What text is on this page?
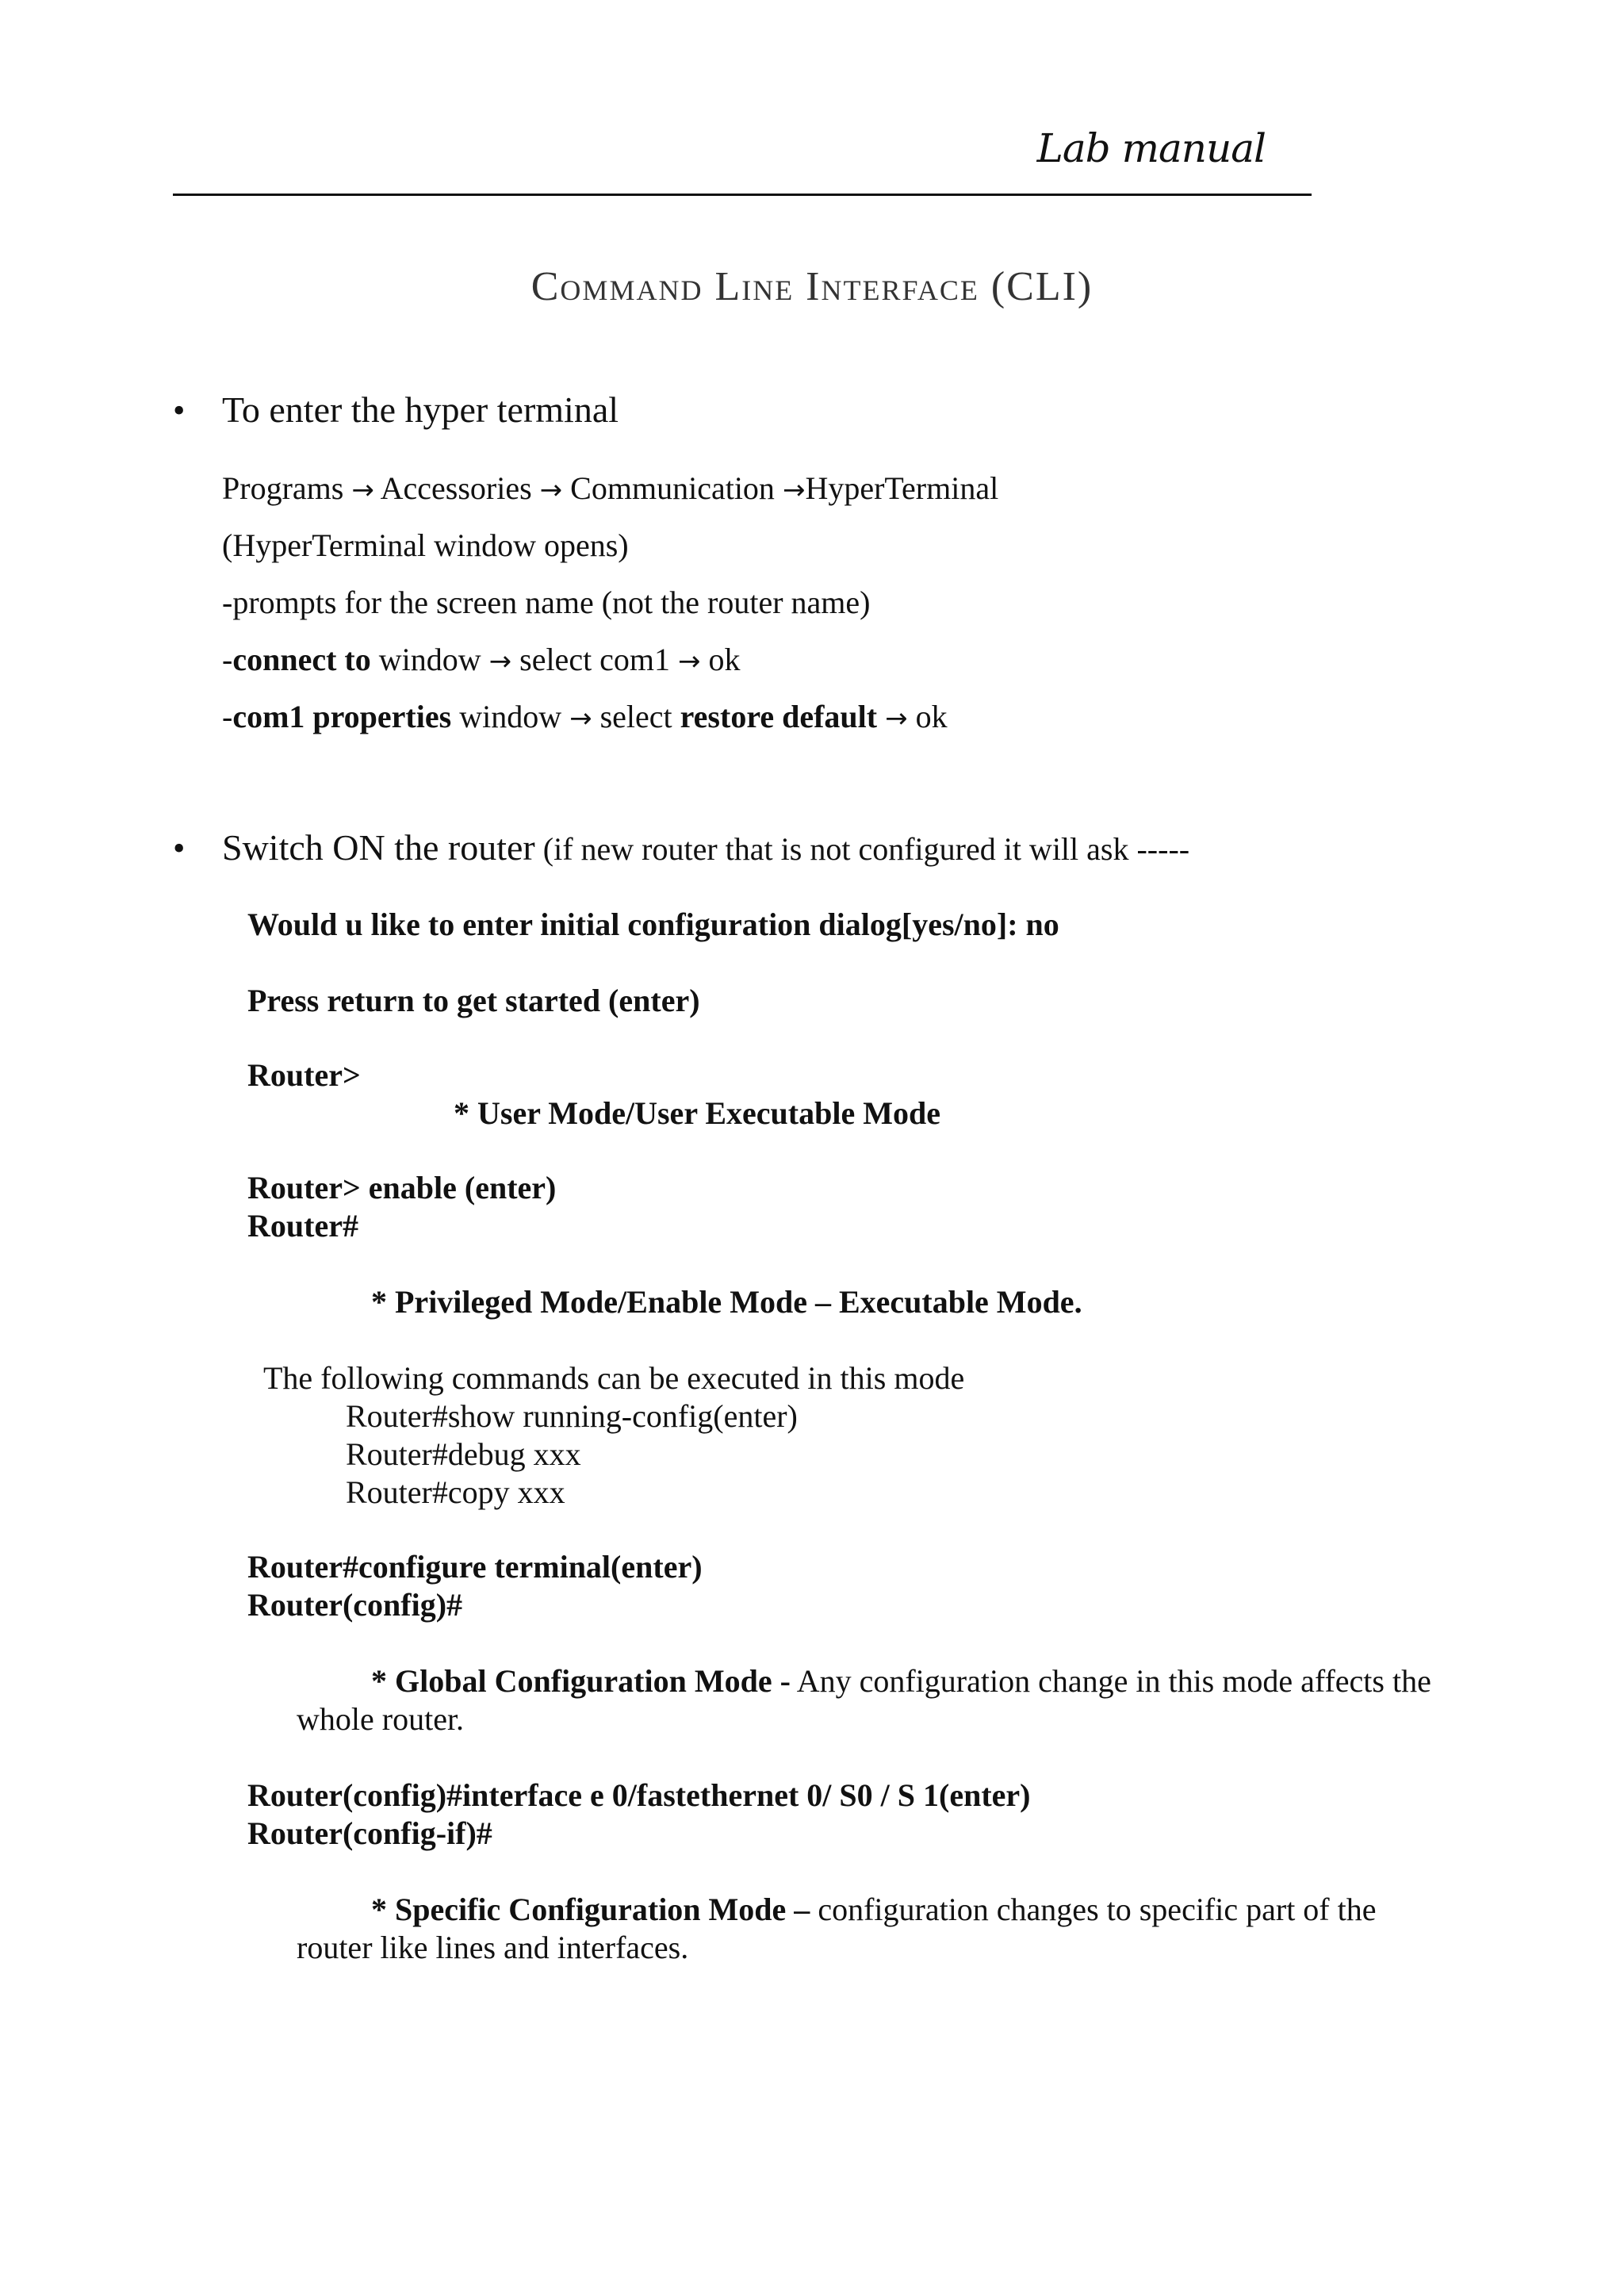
Lab manual
Command Line Interface (CLI)
• To enter the hyper terminal
Programs → Accessories → Communication →HyperTerminal
(HyperTerminal window opens)
-prompts for the screen name (not the router name)
-connect to window → select com1 → ok
-com1 properties window → select restore default → ok
• Switch ON the router (if new router that is not configured it will ask -----
Would u like to enter initial configuration dialog[yes/no]: no
Press return to get started (enter)
Router>
* User Mode/User Executable Mode
Router> enable (enter)
Router#
* Privileged Mode/Enable Mode – Executable Mode.
The following commands can be executed in this mode
Router#show running-config(enter)
Router#debug xxx
Router#copy xxx
Router#configure terminal(enter)
Router(config)#
* Global Configuration Mode - Any configuration change in this mode affects the
whole router.
Router(config)#interface e 0/fastethernet 0/ S0 / S 1(enter)
Router(config-if)#
* Specific Configuration Mode – configuration changes to specific part of the
router like lines and interfaces.
